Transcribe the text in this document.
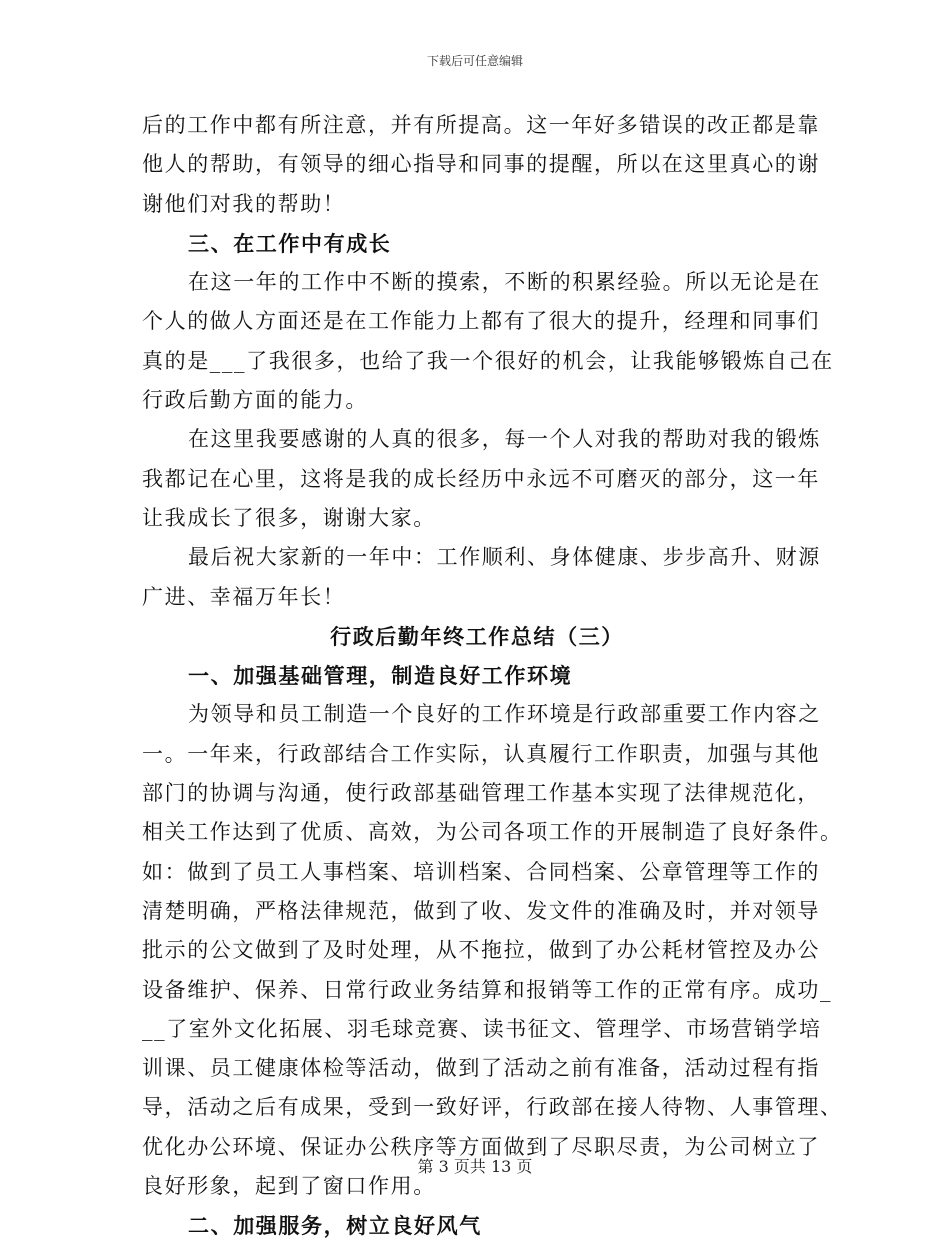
下载后可任意编辑
后的工作中都有所注意，并有所提高。这一年好多错误的改正都是靠
他人的帮助，有领导的细心指导和同事的提醒，所以在这里真心的谢
谢他们对我的帮助！
三、在工作中有成长
在这一年的工作中不断的摸索，不断的积累经验。所以无论是在
个人的做人方面还是在工作能力上都有了很大的提升，经理和同事们
真的是___了我很多，也给了我一个很好的机会，让我能够锻炼自己在
行政后勤方面的能力。
在这里我要感谢的人真的很多，每一个人对我的帮助对我的锻炼
我都记在心里，这将是我的成长经历中永远不可磨灭的部分，这一年
让我成长了很多，谢谢大家。
最后祝大家新的一年中：工作顺利、身体健康、步步高升、财源
广进、幸福万年长！
行政后勤年终工作总结（三）
一、加强基础管理，制造良好工作环境
为领导和员工制造一个良好的工作环境是行政部重要工作内容之
一。一年来，行政部结合工作实际，认真履行工作职责，加强与其他
部门的协调与沟通，使行政部基础管理工作基本实现了法律规范化，
相关工作达到了优质、高效，为公司各项工作的开展制造了良好条件。
如：做到了员工人事档案、培训档案、合同档案、公章管理等工作的
清楚明确，严格法律规范，做到了收、发文件的准确及时，并对领导
批示的公文做到了及时处理，从不拖拉，做到了办公耗材管控及办公
设备维护、保养、日常行政业务结算和报销等工作的正常有序。成功_
__了室外文化拓展、羽毛球竞赛、读书征文、管理学、市场营销学培
训课、员工健康体检等活动，做到了活动之前有准备，活动过程有指
导，活动之后有成果，受到一致好评，行政部在接人待物、人事管理、
优化办公环境、保证办公秩序等方面做到了尽职尽责，为公司树立了
良好形象，起到了窗口作用。
二、加强服务，树立良好风气
第 3 页共 13 页
